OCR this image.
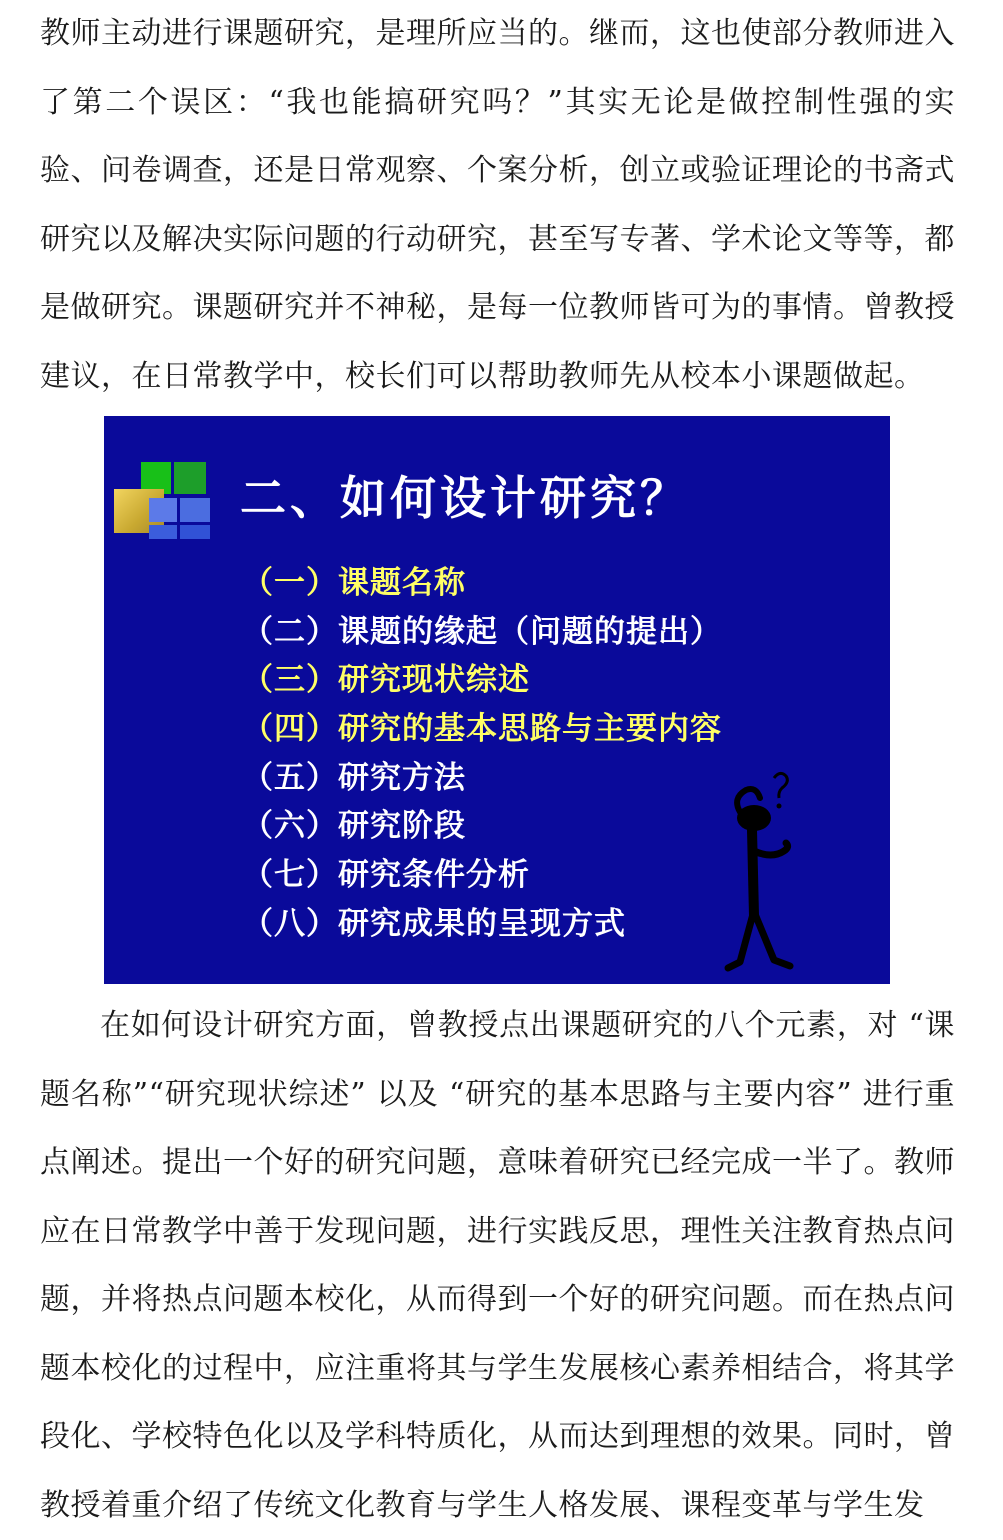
教师主动进行课题研究，是理所应当的。继而，这也使部分教师进入了第二个误区：“我也能搞研究吗？”其实无论是做控制性强的实验、问卷调查，还是日常观察、个案分析，创立或验证理论的书斋式研究以及解决实际问题的行动研究，甚至写专著、学术论文等等，都是做研究。课题研究并不神秘，是每一位教师皆可为的事情。曾教授建议，在日常教学中，校长们可以帮助教师先从校本小课题做起。

二、如何设计研究？
（一）课题名称
（二）课题的缘起（问题的提出）
（三）研究现状综述
（四）研究的基本思路与主要内容
（五）研究方法
（六）研究阶段
（七）研究条件分析
（八）研究成果的呈现方式

在如何设计研究方面，曾教授点出课题研究的八个元素，对 “课题名称”“研究现状综述” 以及 “研究的基本思路与主要内容” 进行重点阐述。提出一个好的研究问题，意味着研究已经完成一半了。教师应在日常教学中善于发现问题，进行实践反思，理性关注教育热点问题，并将热点问题本校化，从而得到一个好的研究问题。而在热点问题本校化的过程中，应注重将其与学生发展核心素养相结合，将其学段化、学校特色化以及学科特质化，从而达到理想的效果。同时，曾教授着重介绍了传统文化教育与学生人格发展、课程变革与学生发
